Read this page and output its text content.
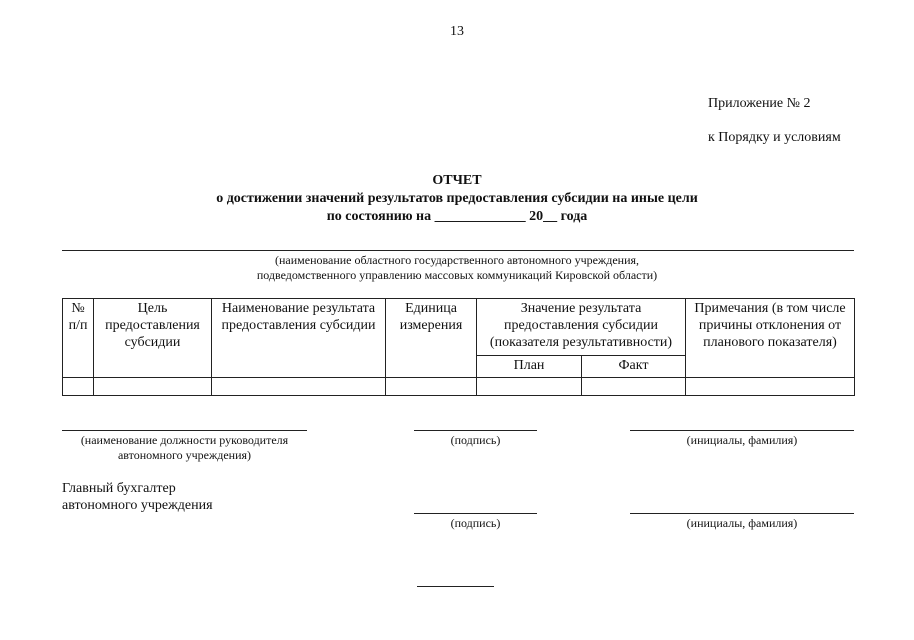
13
Приложение № 2
к Порядку и условиям
ОТЧЕТ
о достижении значений результатов предоставления субсидии на иные цели
по состоянию на _____________ 20__ года
(наименование областного государственного автономного учреждения,
подведомственного управлению массовых коммуникаций Кировской области)
№ п/п	Цель предоставления субсидии	Наименование результата предоставления субсидии	Единица измерения	Значение результата предоставления субсидии (показателя результативности)		Примечания (в том числе причины отклонения от планового показателя)
				План	Факт	

(наименование должности руководителя
автономного учреждения)
(подпись)	(инициалы, фамилия)
Главный бухгалтер
автономного учреждения
(подпись)	(инициалы, фамилия)
